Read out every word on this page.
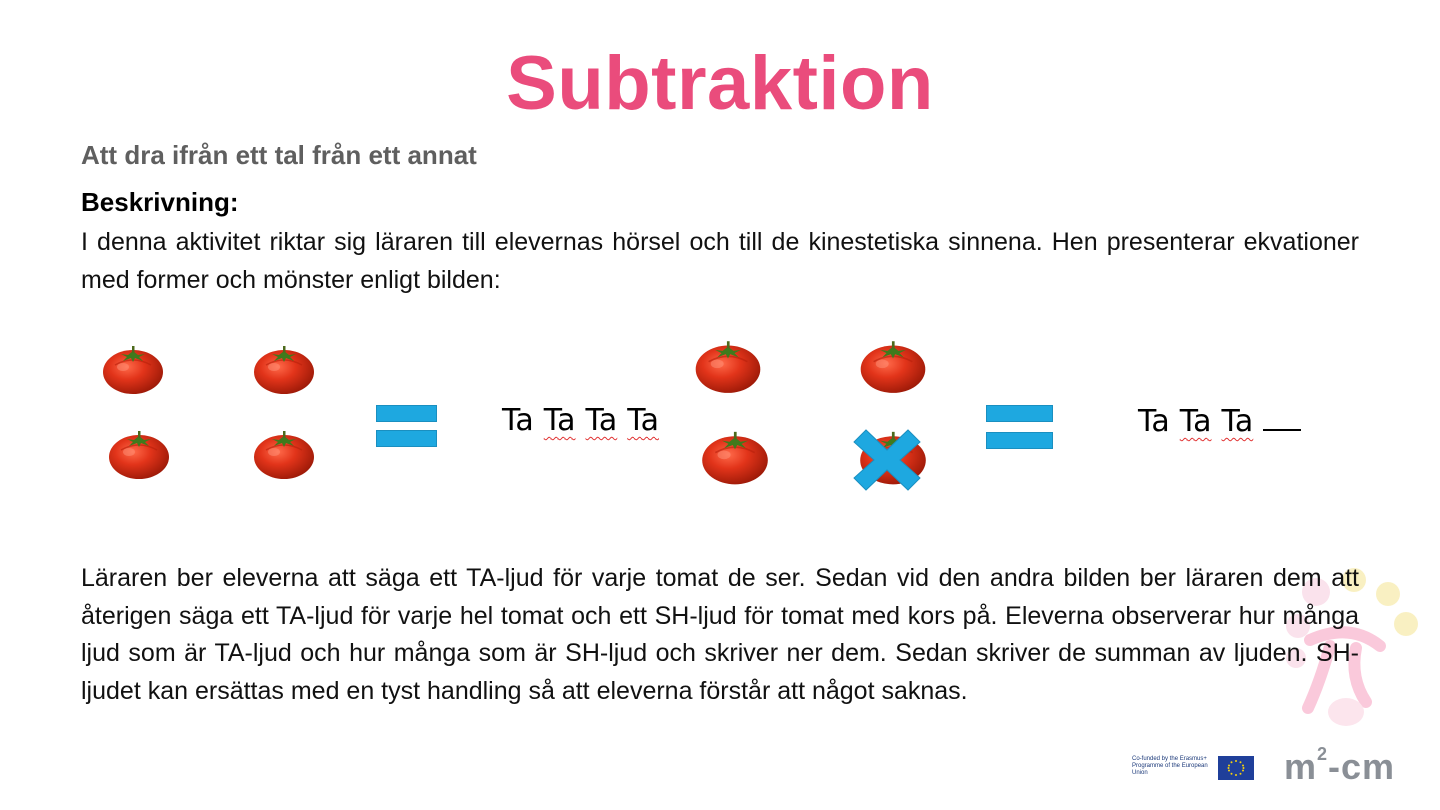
Subtraktion
Att dra ifrån ett tal från ett annat
Beskrivning:
I denna aktivitet riktar sig läraren till elevernas hörsel och till de kinestetiska sinnena. Hen presenterar ekvationer med former och mönster enligt bilden:
Ta Ta Ta Ta	Ta Ta Ta
Läraren ber eleverna att säga ett TA-ljud för varje tomat de ser. Sedan vid den andra bilden ber läraren dem att återigen säga ett TA-ljud för varje hel tomat och ett SH-ljud för tomat med kors på. Eleverna observerar hur många ljud som är TA-ljud och hur många som är SH-ljud och skriver ner dem. Sedan skriver de summan av ljuden. SH-ljudet kan ersättas med en tyst handling så att eleverna förstår att något saknas.
Co-funded by the Erasmus+ Programme of the European Union	$m^2-cm$
